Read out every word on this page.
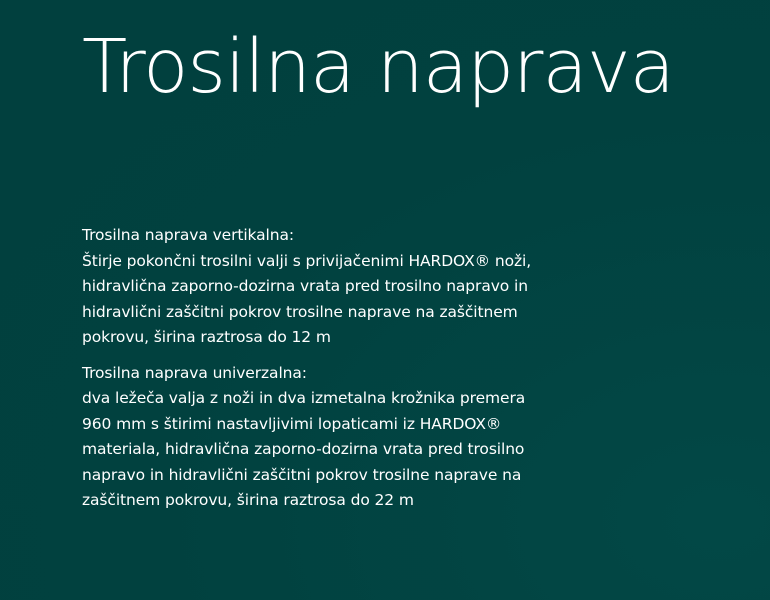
Trosilna naprava

Trosilna naprava vertikalna:

Štirje pokončni trosilni valji s privijačenimi HARDOX® noži,

hidravlična zaporno-dozirna vrata pred trosilno napravo in

hidravlični zaščitni pokrov trosilne naprave na zaščitnem

pokrovu, širina raztrosa do 12 m

Trosilna naprava univerzalna:

dva ležeča valja z noži in dva izmetalna krožnika premera

960 mm s štirimi nastavljivimi lopaticami iz HARDOX®

materiala, hidravlična zaporno-dozirna vrata pred trosilno

napravo in hidravlični zaščitni pokrov trosilne naprave na

zaščitnem pokrovu, širina raztrosa do 22 m
